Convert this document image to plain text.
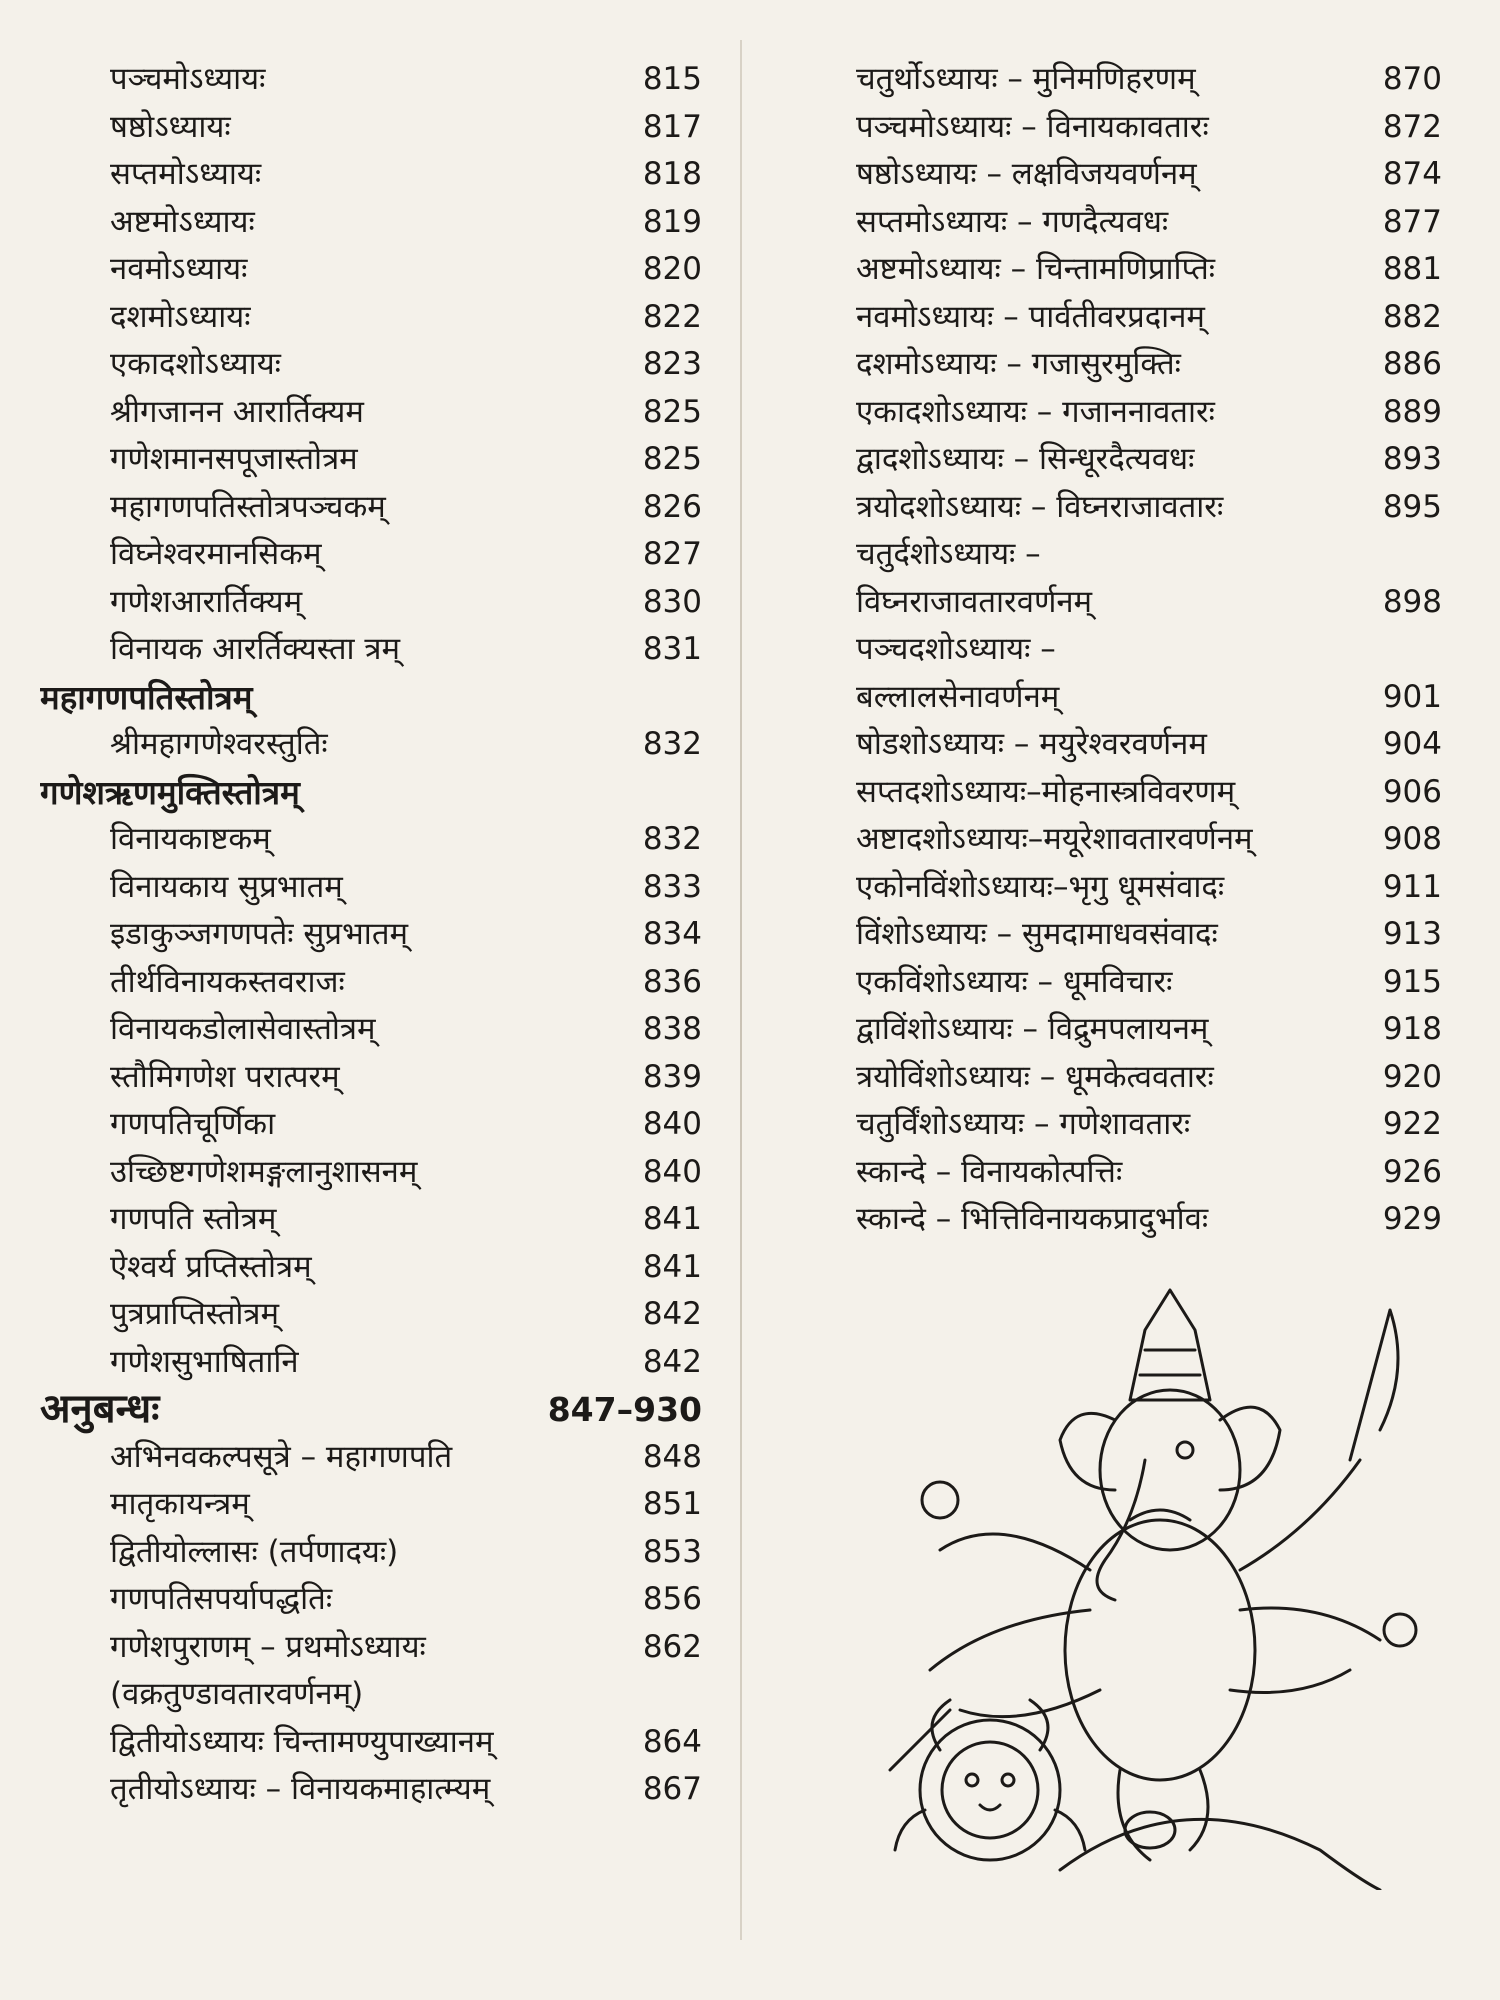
पञ्चमोऽध्यायः	815
षष्ठोऽध्यायः	817
सप्तमोऽध्यायः	818
अष्टमोऽध्यायः	819
नवमोऽध्यायः	820
दशमोऽध्यायः	822
एकादशोऽध्यायः	823
श्रीगजानन आरार्तिक्यम	825
गणेशमानसपूजास्तोत्रम	825
महागणपतिस्तोत्रपञ्चकम्	826
विघ्नेश्वरमानसिकम्	827
गणेशआरार्तिक्यम्	830
विनायक आरर्तिक्यस्ता त्रम्	831
महागणपतिस्तोत्रम्
श्रीमहागणेश्वरस्तुतिः	832
गणेशऋणमुक्तिस्तोत्रम्
विनायकाष्टकम्	832
विनायकाय सुप्रभातम्	833
इडाकुञ्जगणपतेः सुप्रभातम्	834
तीर्थविनायकस्तवराजः	836
विनायकडोलासेवास्तोत्रम्	838
स्तौमिगणेश परात्परम्	839
गणपतिचूर्णिका	840
उच्छिष्टगणेशमङ्गलानुशासनम्	840
गणपति स्तोत्रम्	841
ऐश्वर्य प्रप्तिस्तोत्रम्	841
पुत्रप्राप्तिस्तोत्रम्	842
गणेशसुभाषितानि	842
अनुबन्धः	847–930
अभिनवकल्पसूत्रे – महागणपति	848
मातृकायन्त्रम्	851
द्वितीयोल्लासः (तर्पणादयः)	853
गणपतिसपर्यापद्धतिः	856
गणेशपुराणम् – प्रथमोऽध्यायः	862
(वक्रतुण्डावतारवर्णनम्)
द्वितीयोऽध्यायः चिन्तामण्युपाख्यानम्	864
तृतीयोऽध्यायः – विनायकमाहात्म्यम्	867
चतुर्थोऽध्यायः – मुनिमणिहरणम्	870
पञ्चमोऽध्यायः – विनायकावतारः	872
षष्ठोऽध्यायः – लक्षविजयवर्णनम्	874
सप्तमोऽध्यायः – गणदैत्यवधः	877
अष्टमोऽध्यायः – चिन्तामणिप्राप्तिः	881
नवमोऽध्यायः – पार्वतीवरप्रदानम्	882
दशमोऽध्यायः – गजासुरमुक्तिः	886
एकादशोऽध्यायः – गजाननावतारः	889
द्वादशोऽध्यायः – सिन्धूरदैत्यवधः	893
त्रयोदशोऽध्यायः – विघ्नराजावतारः	895
चतुर्दशोऽध्यायः –
विघ्नराजावतारवर्णनम्	898
पञ्चदशोऽध्यायः –
बल्लालसेनावर्णनम्	901
षोडशोऽध्यायः – मयुरेश्वरवर्णनम	904
सप्तदशोऽध्यायः–मोहनास्त्रविवरणम्	906
अष्टादशोऽध्यायः–मयूरेशावतारवर्णनम्	908
एकोनविंशोऽध्यायः–भृगु धूमसंवादः	911
विंशोऽध्यायः – सुमदामाधवसंवादः	913
एकविंशोऽध्यायः – धूमविचारः	915
द्वाविंशोऽध्यायः – विद्रुमपलायनम्	918
त्रयोविंशोऽध्यायः – धूमकेत्ववतारः	920
चतुर्विंशोऽध्यायः – गणेशावतारः	922
स्कान्दे – विनायकोत्पत्तिः	926
स्कान्दे – भित्तिविनायकप्रादुर्भावः	929
